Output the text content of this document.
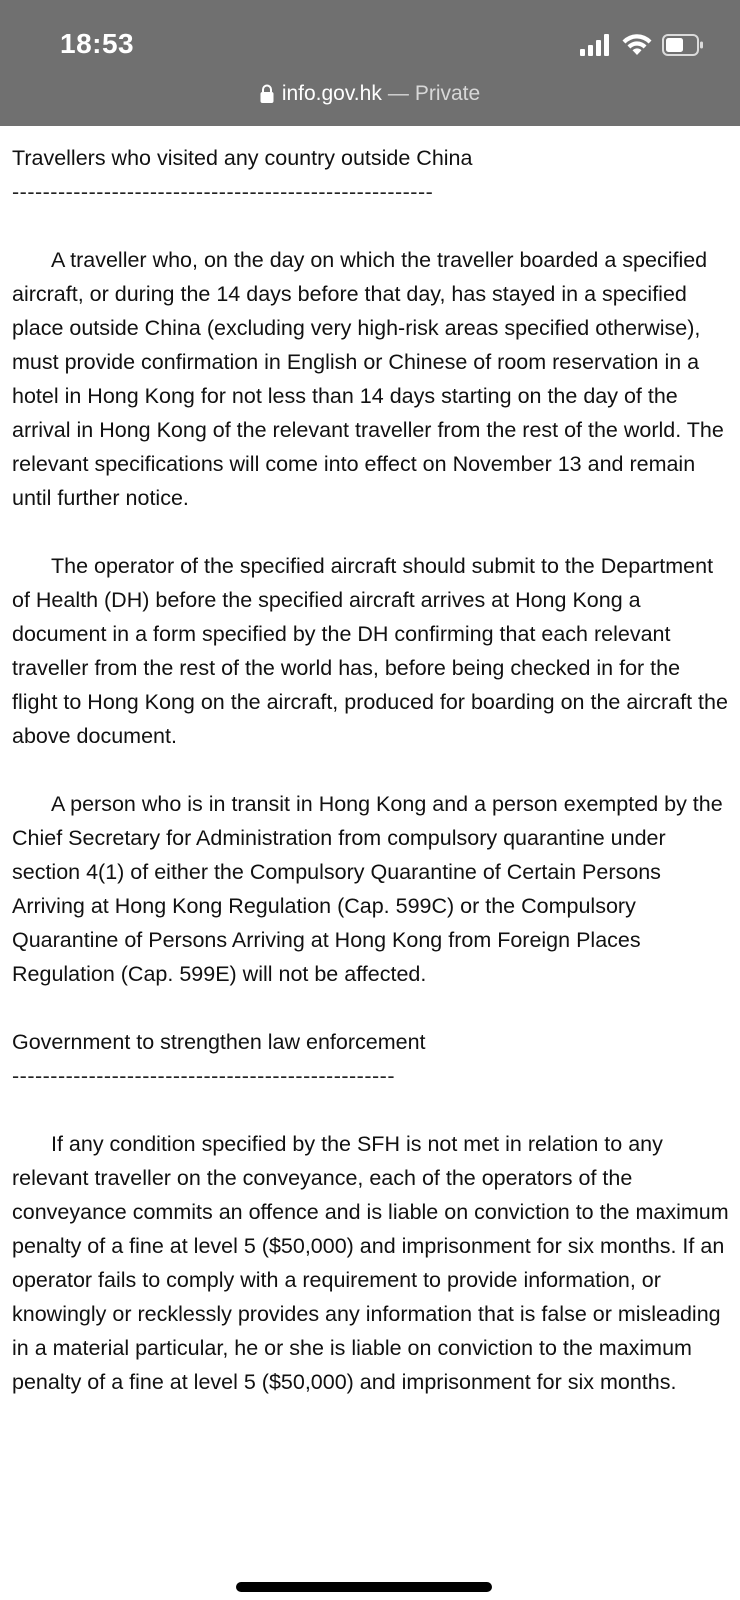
18:53
info.gov.hk — Private

Travellers who visited any country outside China

-------------------------------------------------------

A traveller who, on the day on which the traveller boarded a specified aircraft, or during the 14 days before that day, has stayed in a specified place outside China (excluding very high-risk areas specified otherwise), must provide confirmation in English or Chinese of room reservation in a hotel in Hong Kong for not less than 14 days starting on the day of the arrival in Hong Kong of the relevant traveller from the rest of the world. The relevant specifications will come into effect on November 13 and remain until further notice.

The operator of the specified aircraft should submit to the Department of Health (DH) before the specified aircraft arrives at Hong Kong a document in a form specified by the DH confirming that each relevant traveller from the rest of the world has, before being checked in for the flight to Hong Kong on the aircraft, produced for boarding on the aircraft the above document.

A person who is in transit in Hong Kong and a person exempted by the Chief Secretary for Administration from compulsory quarantine under section 4(1) of either the Compulsory Quarantine of Certain Persons Arriving at Hong Kong Regulation (Cap. 599C) or the Compulsory Quarantine of Persons Arriving at Hong Kong from Foreign Places Regulation (Cap. 599E) will not be affected.

Government to strengthen law enforcement

--------------------------------------------------

If any condition specified by the SFH is not met in relation to any relevant traveller on the conveyance, each of the operators of the conveyance commits an offence and is liable on conviction to the maximum penalty of a fine at level 5 ($50,000) and imprisonment for six months. If an operator fails to comply with a requirement to provide information, or knowingly or recklessly provides any information that is false or misleading in a material particular, he or she is liable on conviction to the maximum penalty of a fine at level 5 ($50,000) and imprisonment for six months.
